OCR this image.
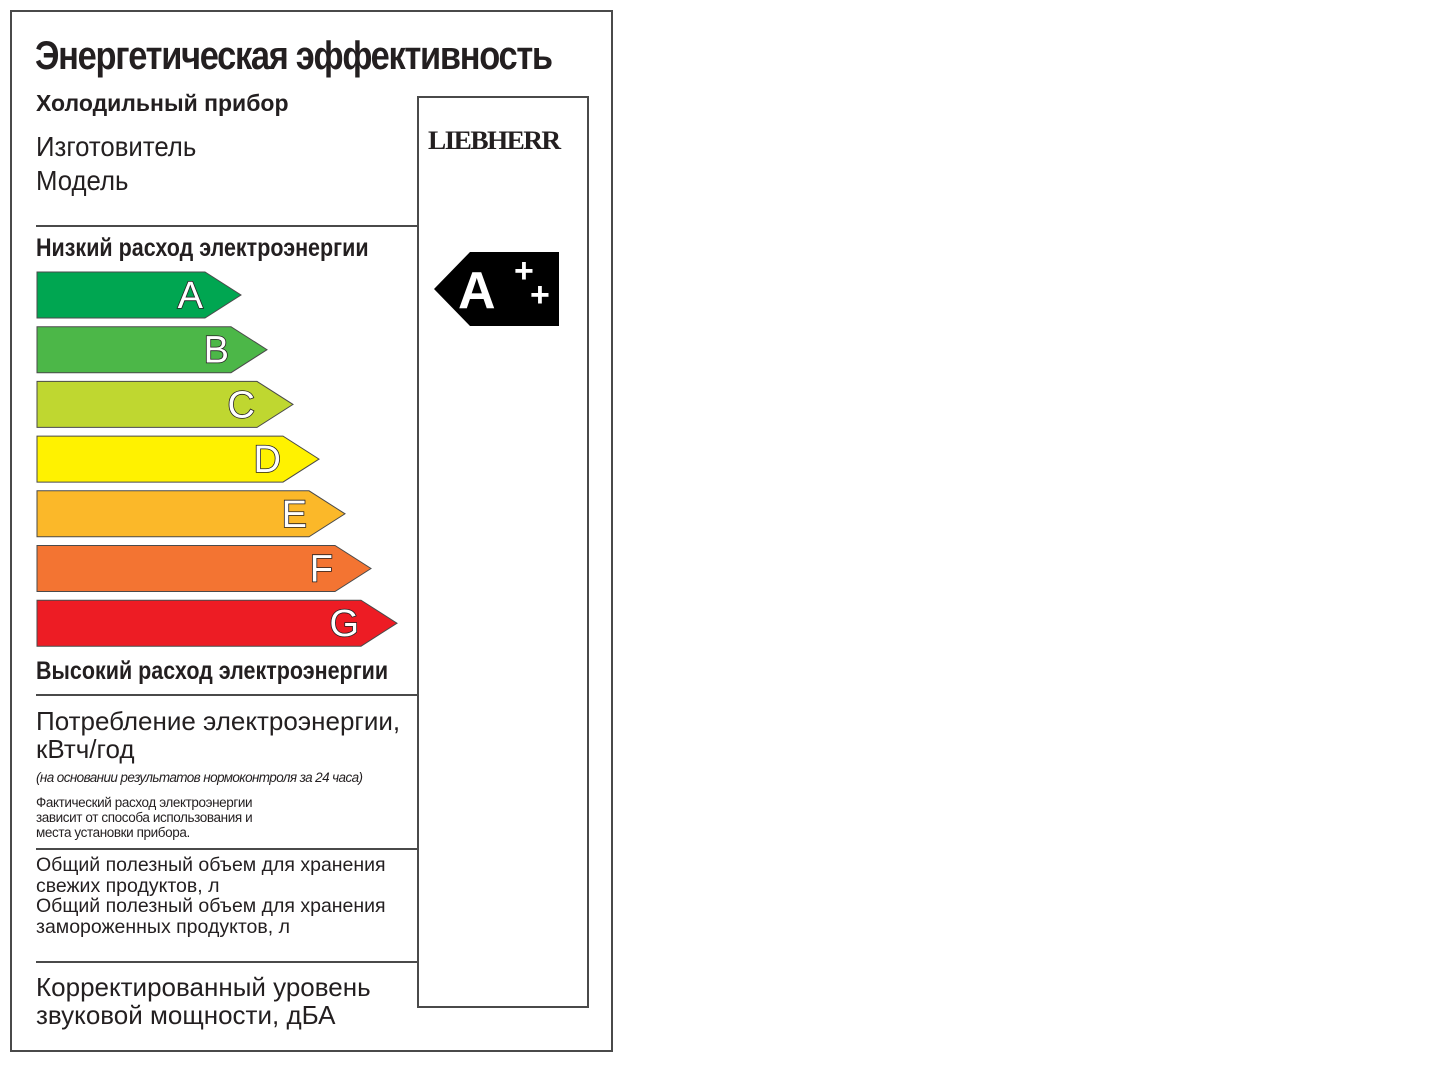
Энергетическая эффективность
Холодильный прибор
Изготовитель
Модель
LIEBHERR
Низкий расход электроэнергии
A
B
C
D
E
F
G
A +
+
Высокий расход электроэнергии
Потребление электроэнергии,
кВтч/год
(на основании результатов нормоконтроля за 24 часа)
Фактический расход электроэнергии
зависит от способа использования и
места установки прибора.
Общий полезный объем для хранения
свежих продуктов, л
Общий полезный объем для хранения
замороженных продуктов, л
Корректированный уровень
звуковой мощности, дБА
